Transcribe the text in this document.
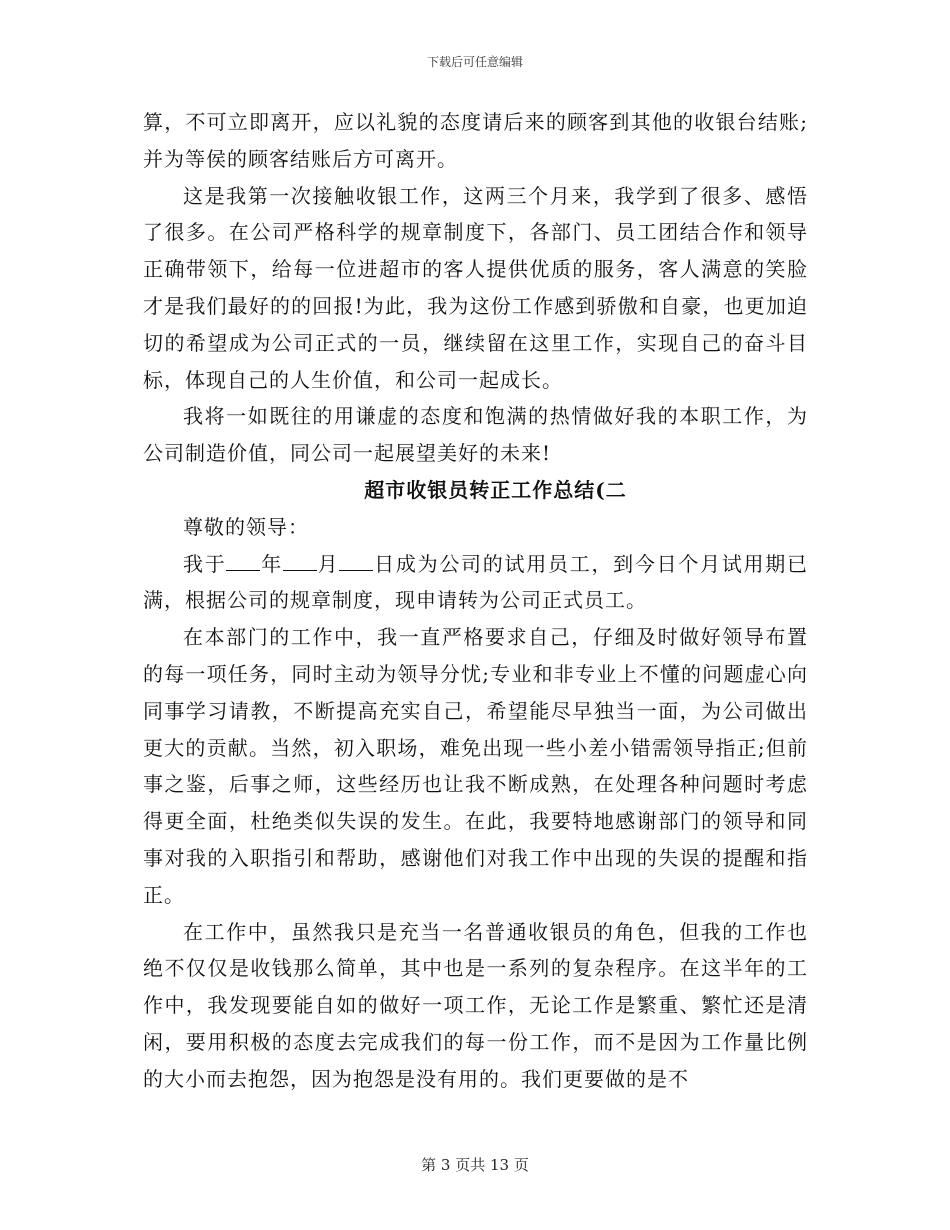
下载后可任意编辑

算，不可立即离开，应以礼貌的态度请后来的顾客到其他的收银台结账;并为等侯的顾客结账后方可离开。

这是我第一次接触收银工作，这两三个月来，我学到了很多、感悟了很多。在公司严格科学的规章制度下，各部门、员工团结合作和领导正确带领下，给每一位进超市的客人提供优质的服务，客人满意的笑脸才是我们最好的的回报!为此，我为这份工作感到骄傲和自豪，也更加迫切的希望成为公司正式的一员，继续留在这里工作，实现自己的奋斗目标，体现自己的人生价值，和公司一起成长。

我将一如既往的用谦虚的态度和饱满的热情做好我的本职工作，为公司制造价值，同公司一起展望美好的未来!

超市收银员转正工作总结(二

尊敬的领导：

我于 年 月 日成为公司的试用员工，到今日个月试用期已满，根据公司的规章制度，现申请转为公司正式员工。

在本部门的工作中，我一直严格要求自己，仔细及时做好领导布置的每一项任务，同时主动为领导分忧;专业和非专业上不懂的问题虚心向同事学习请教，不断提高充实自己，希望能尽早独当一面，为公司做出更大的贡献。当然，初入职场，难免出现一些小差小错需领导指正;但前事之鉴，后事之师，这些经历也让我不断成熟，在处理各种问题时考虑得更全面，杜绝类似失误的发生。在此，我要特地感谢部门的领导和同事对我的入职指引和帮助，感谢他们对我工作中出现的失误的提醒和指正。

在工作中，虽然我只是充当一名普通收银员的角色，但我的工作也绝不仅仅是收钱那么简单，其中也是一系列的复杂程序。在这半年的工作中，我发现要能自如的做好一项工作，无论工作是繁重、繁忙还是清闲，要用积极的态度去完成我们的每一份工作，而不是因为工作量比例的大小而去抱怨，因为抱怨是没有用的。我们更要做的是不

第 3 页共 13 页
